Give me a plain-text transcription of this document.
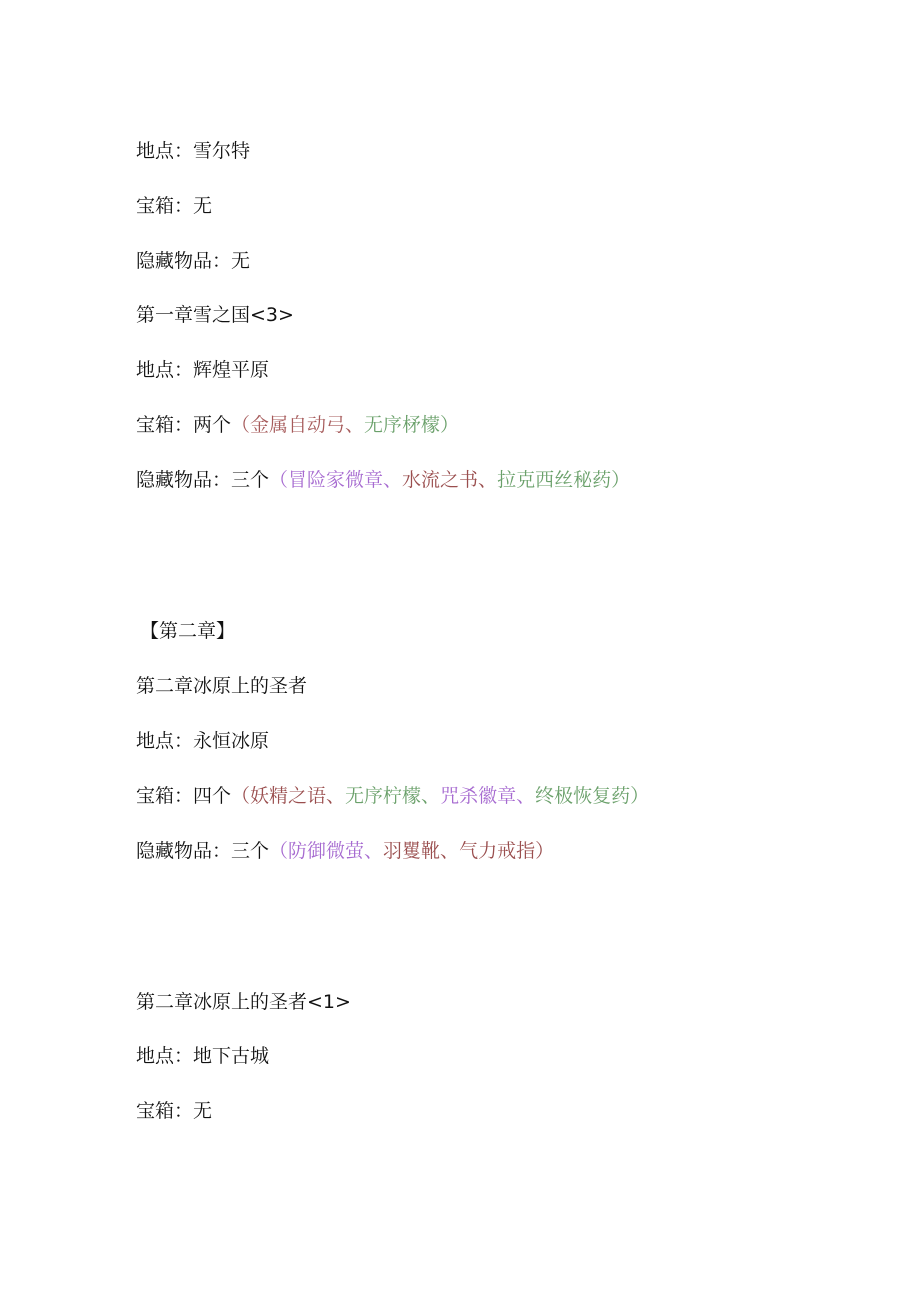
地点：雪尔特
宝箱：无
隐藏物品：无
第一章雪之国<3>
地点：辉煌平原
宝箱：两个（金属自动弓、无序柕檬）
隐藏物品：三个（冒险家微章、水流之书、拉克西丝秘药）
【第二章】
第二章冰原上的圣者
地点：永恒冰原
宝箱：四个（妖精之语、无序柠檬、咒杀徽章、终极恢复药）
隐藏物品：三个（防御微萤、羽矍靴、气力戒指）
第二章冰原上的圣者<1>
地点：地下古城
宝箱：无
